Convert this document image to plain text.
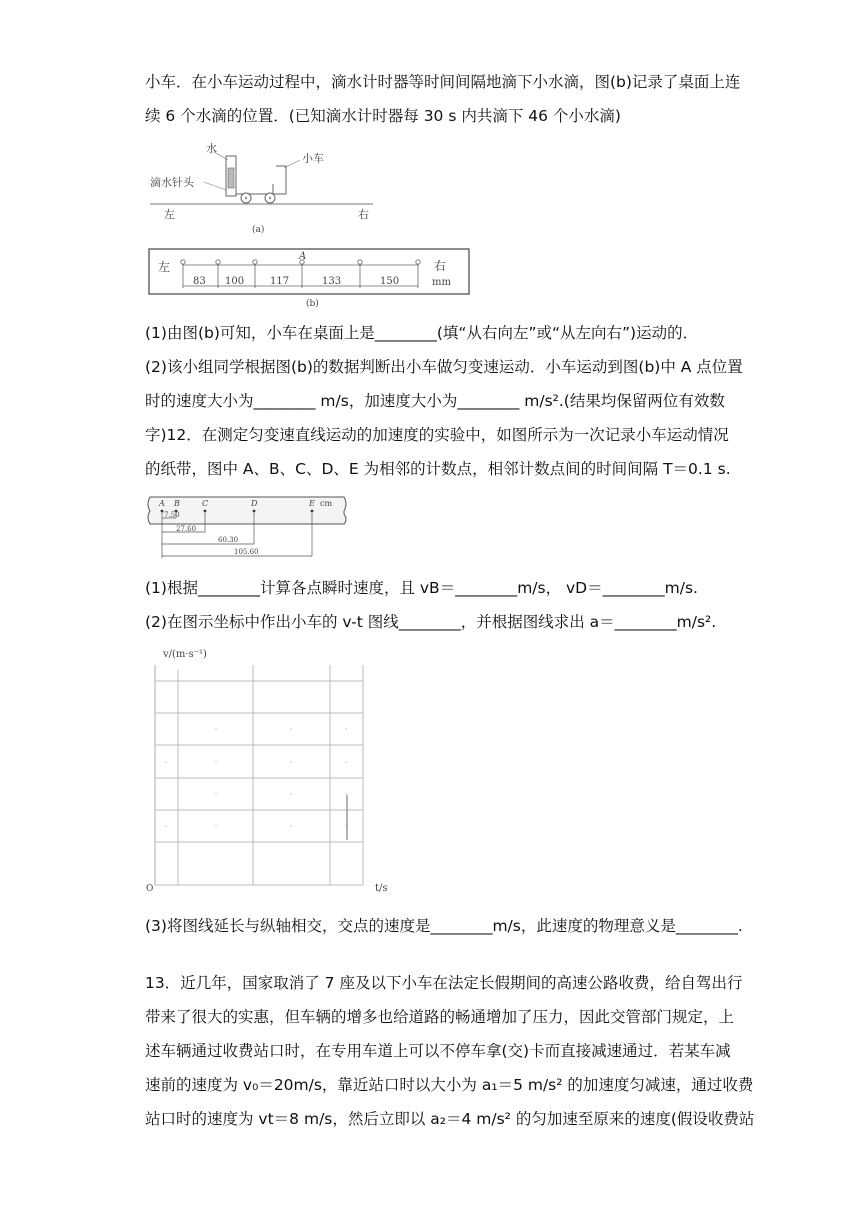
小车．在小车运动过程中，滴水计时器等时间间隔地滴下小水滴，图(b)记录了桌面上连
续 6 个水滴的位置．(已知滴水计时器每 30 s 内共滴下 46 个小水滴)
水
滴水针头
小车
左	右
(a)
左	右
mm
A
83 100	117	133	150
(b)
(1)由图(b)可知，小车在桌面上是________(填“从右向左”或“从左向右”)运动的．
(2)该小组同学根据图(b)的数据判断出小车做匀变速运动．小车运动到图(b)中 A 点位置
时的速度大小为________ m/s，加速度大小为________ m/s².(结果均保留两位有效数
字)12．在测定匀变速直线运动的加速度的实验中，如图所示为一次记录小车运动情况
的纸带，图中 A、B、C、D、E 为相邻的计数点，相邻计数点间的时间间隔 T＝0.1 s.
A B	C	D	E cm
7.50
27.60
60.30
105.60
(1)根据________计算各点瞬时速度，且 vB＝________m/s， vD＝________m/s.
(2)在图示坐标中作出小车的 v-t 图线________，并根据图线求出 a＝________m/s².
v/(m·s⁻¹)
t/s
O
(3)将图线延长与纵轴相交，交点的速度是________m/s，此速度的物理意义是________.
13．近几年，国家取消了 7 座及以下小车在法定长假期间的高速公路收费，给自驾出行
带来了很大的实惠，但车辆的增多也给道路的畅通增加了压力，因此交管部门规定，上
述车辆通过收费站口时，在专用车道上可以不停车拿(交)卡而直接减速通过．若某车减
速前的速度为 v₀＝20m/s，靠近站口时以大小为 a₁＝5 m/s² 的加速度匀减速，通过收费
站口时的速度为 vt＝8 m/s，然后立即以 a₂＝4 m/s² 的匀加速至原来的速度(假设收费站
